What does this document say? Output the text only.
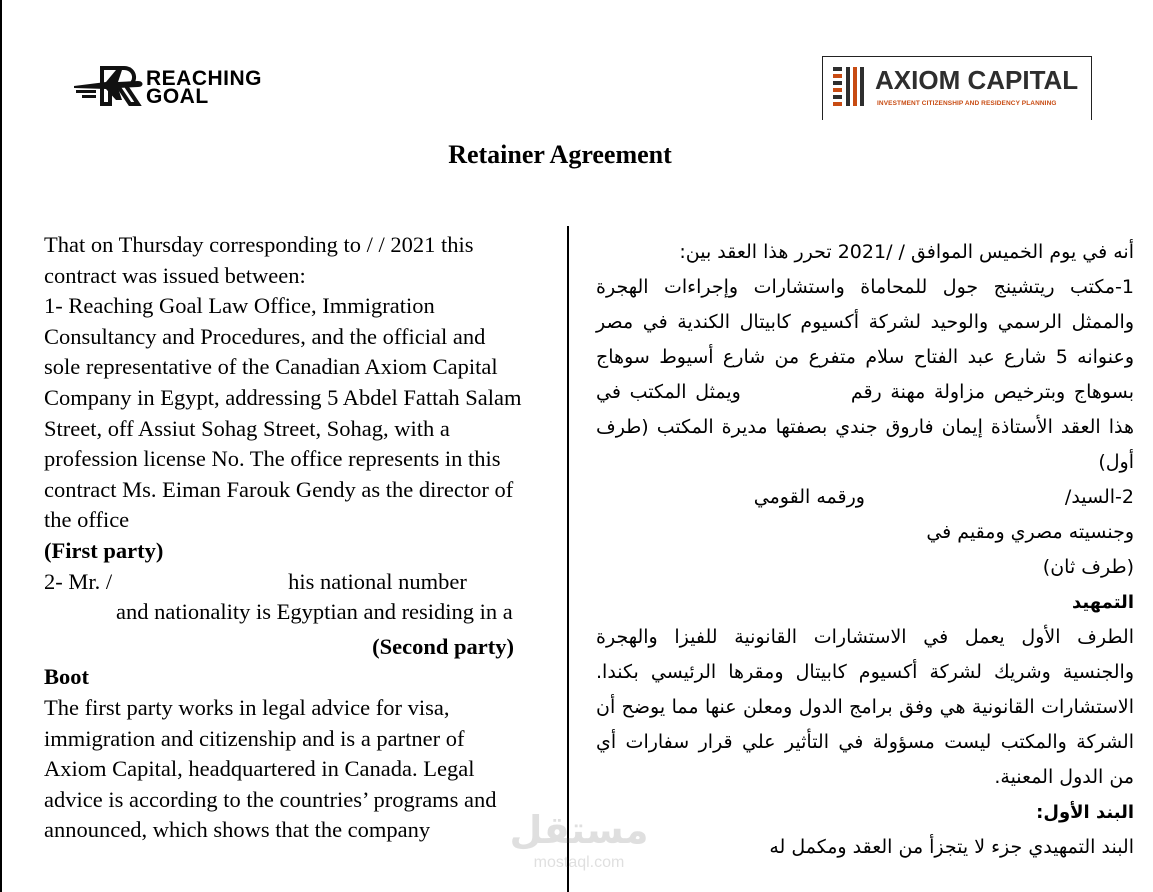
REACHING
GOAL
AXIOM CAPITAL
INVESTMENT CITIZENSHIP AND RESIDENCY PLANNING
Retainer Agreement

That on Thursday corresponding to / / 2021 this contract was issued between:

1- Reaching Goal Law Office, Immigration Consultancy and Procedures, and the official and sole representative of the Canadian Axiom Capital Company in Egypt, addressing 5 Abdel Fattah Salam Street, off Assiut Sohag Street, Sohag, with a profession license No. The office represents in this contract Ms. Eiman Farouk Gendy as the director of the office

(First party)

2- Mr. /	his national numberand nationality is Egyptian and residing in a

(Second party)

Boot

The first party works in legal advice for visa, immigration and citizenship and is a partner of Axiom Capital, headquartered in Canada. Legal advice is according to the countries’ programs and announced, which shows that the company

أنه في يوم الخميس الموافق / /2021 تحرر هذا العقد بين:

1-مكتب ريتشينج جول للمحاماة واستشارات وإجراءات الهجرة والممثل الرسمي والوحيد لشركة أكسيوم كابيتال الكندية في مصر وعنوانه 5 شارع عبد الفتاح سلام متفرع من شارع أسيوط سوهاج بسوهاج وبترخيص مزاولة مهنة رقمويمثل المكتب في هذا العقد الأستاذة إيمان فاروق جندي بصفتها مديرة المكتب (طرف أول)

2-السيد/ورقمه القومي

وجنسيته مصري ومقيم في

(طرف ثان)

التمهيد

الطرف الأول يعمل في الاستشارات القانونية للفيزا والهجرة والجنسية وشريك لشركة أكسيوم كابيتال ومقرها الرئيسي بكندا. الاستشارات القانونية هي وفق برامج الدول ومعلن عنها مما يوضح أن الشركة والمكتب ليست مسؤولة في التأثير علي قرار سفارات أي من الدول المعنية.

البند الأول:

البند التمهيدي جزء لا يتجزأ من العقد ومكمل له

مستقل
mostaql.com
